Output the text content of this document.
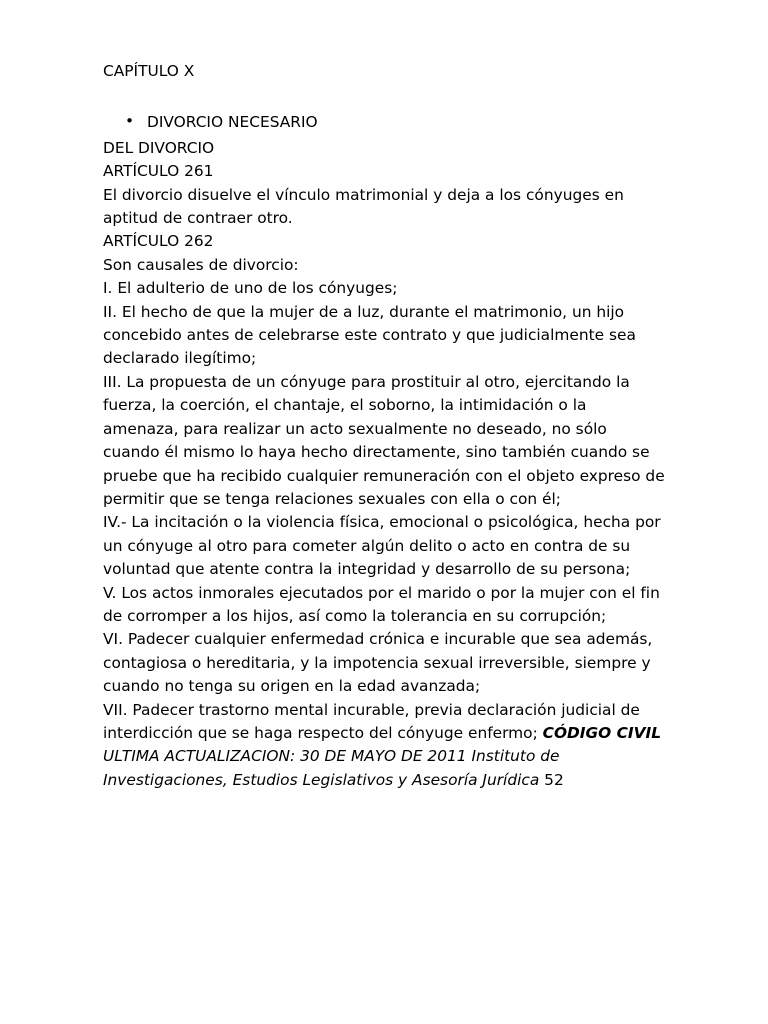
CAPÍTULO X

• DIVORCIO NECESARIO

DEL DIVORCIO

ARTÍCULO 261

El divorcio disuelve el vínculo matrimonial y deja a los cónyuges en aptitud de contraer otro.

ARTÍCULO 262

Son causales de divorcio:

I. El adulterio de uno de los cónyuges;

II. El hecho de que la mujer de a luz, durante el matrimonio, un hijo concebido antes de celebrarse este contrato y que judicialmente sea declarado ilegítimo;

III. La propuesta de un cónyuge para prostituir al otro, ejercitando la fuerza, la coerción, el chantaje, el soborno, la intimidación o la amenaza, para realizar un acto sexualmente no deseado, no sólo cuando él mismo lo haya hecho directamente, sino también cuando se pruebe que ha recibido cualquier remuneración con el objeto expreso de permitir que se tenga relaciones sexuales con ella o con él;

IV.- La incitación o la violencia física, emocional o psicológica, hecha por un cónyuge al otro para cometer algún delito o acto en contra de su voluntad que atente contra la integridad y desarrollo de su persona;

V. Los actos inmorales ejecutados por el marido o por la mujer con el fin de corromper a los hijos, así como la tolerancia en su corrupción;

VI. Padecer cualquier enfermedad crónica e incurable que sea además, contagiosa o hereditaria, y la impotencia sexual irreversible, siempre y cuando no tenga su origen en la edad avanzada;

VII. Padecer trastorno mental incurable, previa declaración judicial de interdicción que se haga respecto del cónyuge enfermo; CÓDIGO CIVIL ULTIMA ACTUALIZACION: 30 DE MAYO DE 2011 Instituto de Investigaciones, Estudios Legislativos y Asesoría Jurídica 52
